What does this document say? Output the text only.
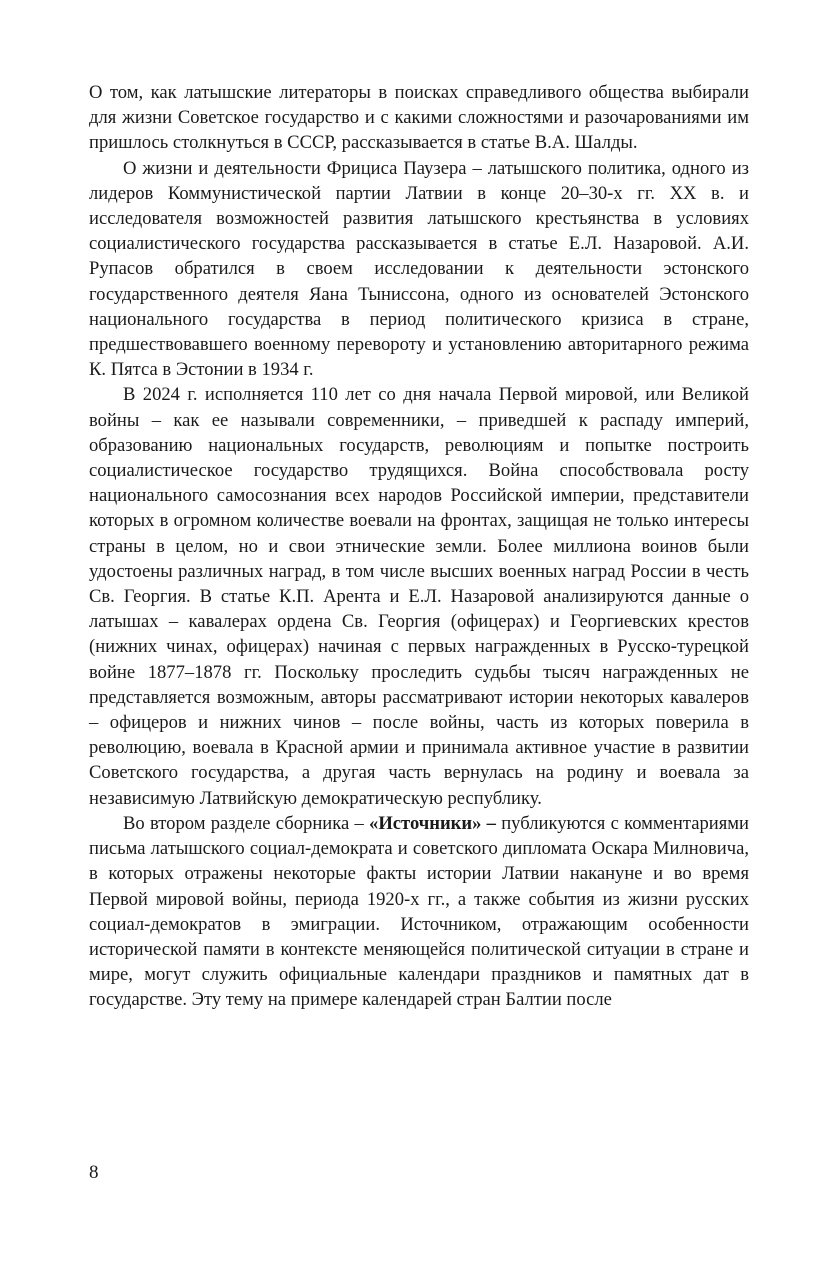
О том, как латышские литераторы в поисках справедливого общества выбирали для жизни Советское государство и с какими сложностями и разочарованиями им пришлось столкнуться в СССР, рассказывается в статье В.А. Шалды.

О жизни и деятельности Фрициса Паузера – латышского политика, одного из лидеров Коммунистической партии Латвии в конце 20–30-х гг. XX в. и исследователя возможностей развития латышского крестьянства в условиях социалистического государства рассказывается в статье Е.Л. Назаровой. А.И. Рупасов обратился в своем исследовании к деятельности эстонского государственного деятеля Яана Тыниссона, одного из основателей Эстонского национального государства в период политического кризиса в стране, предшествовавшего военному перевороту и установлению авторитарного режима К. Пятса в Эстонии в 1934 г.

В 2024 г. исполняется 110 лет со дня начала Первой мировой, или Великой войны – как ее называли современники, – приведшей к распаду империй, образованию национальных государств, революциям и попытке построить социалистическое государство трудящихся. Война способствовала росту национального самосознания всех народов Российской империи, представители которых в огромном количестве воевали на фронтах, защищая не только интересы страны в целом, но и свои этнические земли. Более миллиона воинов были удостоены различных наград, в том числе высших военных наград России в честь Св. Георгия. В статье К.П. Арента и Е.Л. Назаровой анализируются данные о латышах – кавалерах ордена Св. Георгия (офицерах) и Георгиевских крестов (нижних чинах, офицерах) начиная с первых награжденных в Русско-турецкой войне 1877–1878 гг. Поскольку проследить судьбы тысяч награжденных не представляется возможным, авторы рассматривают истории некоторых кавалеров – офицеров и нижних чинов – после войны, часть из которых поверила в революцию, воевала в Красной армии и принимала активное участие в развитии Советского государства, а другая часть вернулась на родину и воевала за независимую Латвийскую демократическую республику.

Во втором разделе сборника – «Источники» – публикуются с комментариями письма латышского социал-демократа и советского дипломата Оскара Милновича, в которых отражены некоторые факты истории Латвии накануне и во время Первой мировой войны, периода 1920-х гг., а также события из жизни русских социал-демократов в эмиграции. Источником, отражающим особенности исторической памяти в контексте меняющейся политической ситуации в стране и мире, могут служить официальные календари праздников и памятных дат в государстве. Эту тему на примере календарей стран Балтии после

8
